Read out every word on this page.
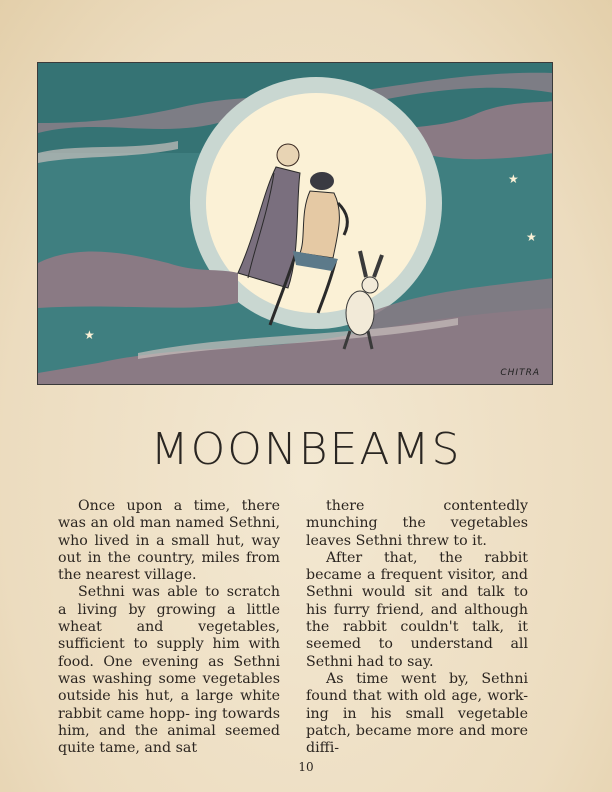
★
★
★
CHITRA
MOONBEAMS

Once upon a time, there was an old man named Sethni, who lived in a small hut, way out in the country, miles from the nearest village.

Sethni was able to scratch a living by growing a little wheat and vegetables, sufficient to supply him with food. One evening as Sethni was washing some vegetables outside his hut, a large white rabbit came hopp- ing towards him, and the animal seemed quite tame, and sat

there contentedly munching the vegetables leaves Sethni threw to it.

After that, the rabbit became a frequent visitor, and Sethni would sit and talk to his furry friend, and although the rabbit couldn't talk, it seemed to understand all Sethni had to say.

As time went by, Sethni found that with old age, work- ing in his small vegetable patch, became more and more diffi-

10
